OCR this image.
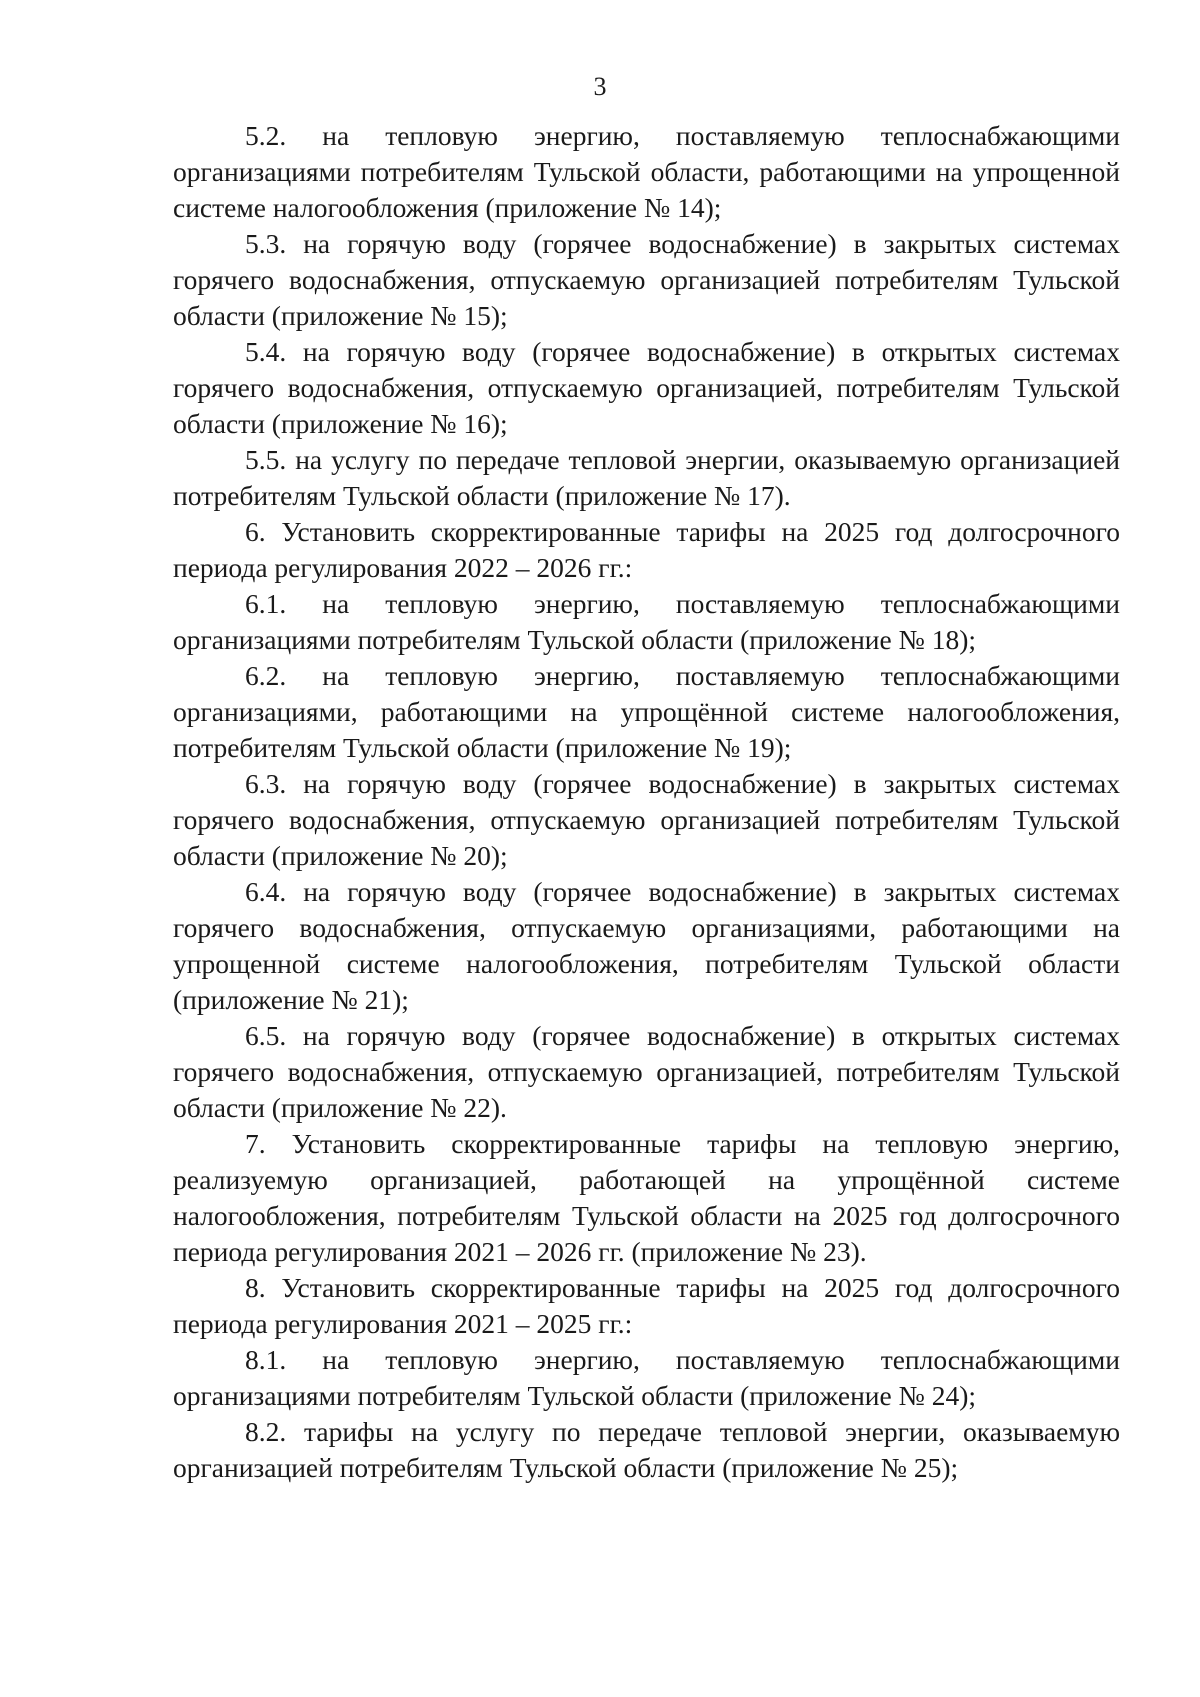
3

5.2. на тепловую энергию, поставляемую теплоснабжающими организациями потребителям Тульской области, работающими на упрощенной системе налогообложения (приложение № 14);

5.3. на горячую воду (горячее водоснабжение) в закрытых системах горячего водоснабжения, отпускаемую организацией потребителям Тульской области (приложение № 15);

5.4. на горячую воду (горячее водоснабжение) в открытых системах горячего водоснабжения, отпускаемую организацией, потребителям Тульской области (приложение № 16);

5.5. на услугу по передаче тепловой энергии, оказываемую организацией потребителям Тульской области (приложение № 17).

6. Установить скорректированные тарифы на 2025 год долгосрочного периода регулирования 2022 – 2026 гг.:

6.1. на тепловую энергию, поставляемую теплоснабжающими организациями потребителям Тульской области (приложение № 18);

6.2. на тепловую энергию, поставляемую теплоснабжающими организациями, работающими на упрощённой системе налогообложения, потребителям Тульской области (приложение № 19);

6.3. на горячую воду (горячее водоснабжение) в закрытых системах горячего водоснабжения, отпускаемую организацией потребителям Тульской области (приложение № 20);

6.4. на горячую воду (горячее водоснабжение) в закрытых системах горячего водоснабжения, отпускаемую организациями, работающими на упрощенной системе налогообложения, потребителям Тульской области (приложение № 21);

6.5. на горячую воду (горячее водоснабжение) в открытых системах горячего водоснабжения, отпускаемую организацией, потребителям Тульской области (приложение № 22).

7. Установить скорректированные тарифы на тепловую энергию, реализуемую организацией, работающей на упрощённой системе налогообложения, потребителям Тульской области на 2025 год долгосрочного периода регулирования 2021 – 2026 гг. (приложение № 23).

8. Установить скорректированные тарифы на 2025 год долгосрочного периода регулирования 2021 – 2025 гг.:

8.1. на тепловую энергию, поставляемую теплоснабжающими организациями потребителям Тульской области (приложение № 24);

8.2. тарифы на услугу по передаче тепловой энергии, оказываемую организацией потребителям Тульской области (приложение № 25);
